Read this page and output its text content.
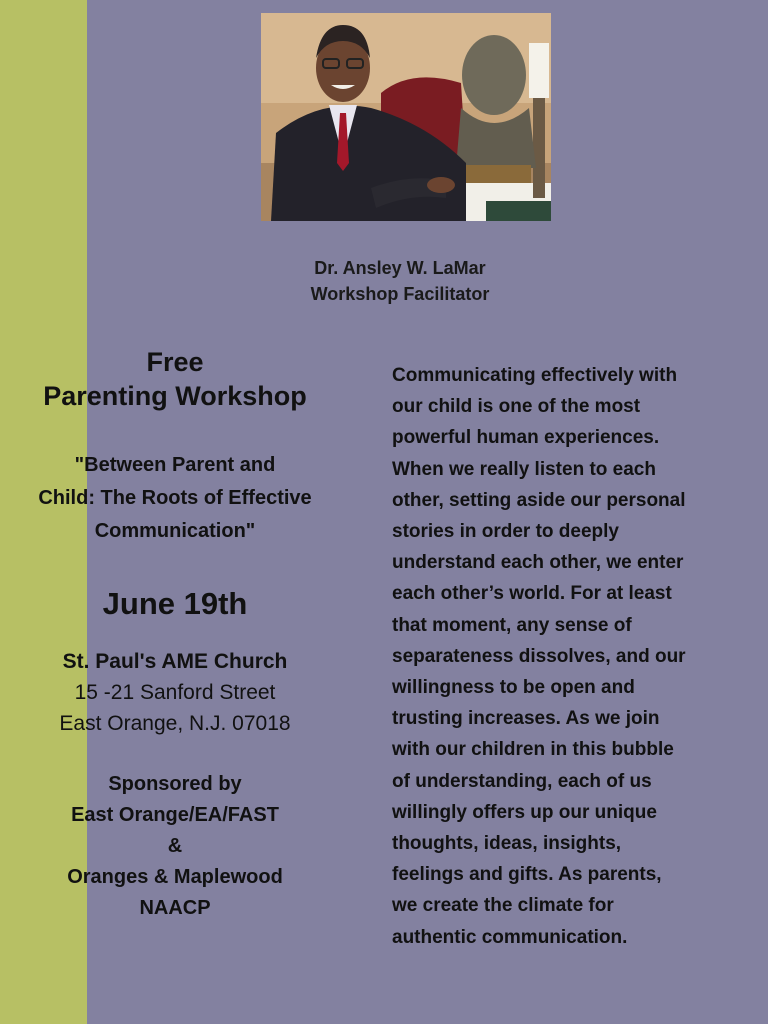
Dr. Ansley W. LaMar
Workshop Facilitator
Free
Parenting Workshop
"Between Parent and
Child: The Roots of Effective
Communication"
June 19th
St. Paul's AME Church
15 -21 Sanford Street
East Orange, N.J. 07018
Sponsored by
East Orange/EA/FAST
&
Oranges & Maplewood
NAACP
Communicating effectively with
our child is one of the most
powerful human experiences.
When we really listen to each
other, setting aside our personal
stories in order to deeply
understand each other, we enter
each other’s world. For at least
that moment, any sense of
separateness dissolves, and our
willingness to be open and
trusting increases. As we join
with our children in this bubble
of understanding, each of us
willingly offers up our unique
thoughts, ideas, insights,
feelings and gifts. As parents,
we create the climate for
authentic communication.
